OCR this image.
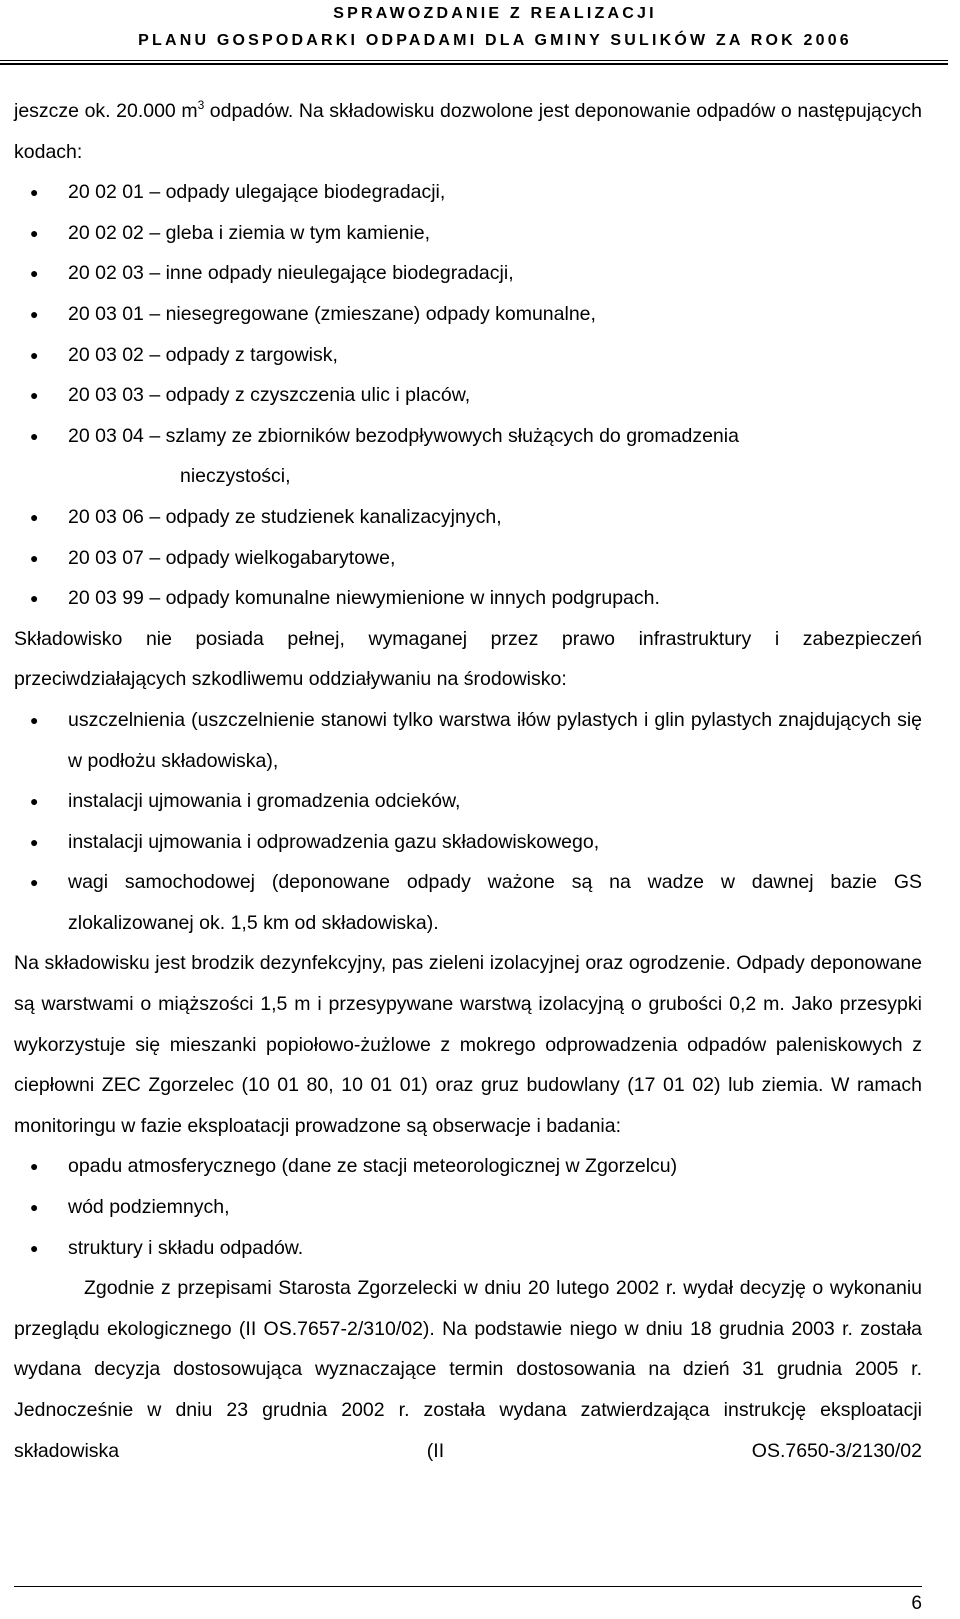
SPRAWOZDANIE Z REALIZACJI
PLANU GOSPODARKI ODPADAMI DLA GMINY SULIKÓW ZA ROK 2006
jeszcze ok. 20.000 $m^3$ odpadów. Na składowisku dozwolone jest deponowanie odpadów o następujących kodach:
● 20 02 01 – odpady ulegające biodegradacji,
● 20 02 02 – gleba i ziemia w tym kamienie,
● 20 02 03 – inne odpady nieulegające biodegradacji,
● 20 03 01 – niesegregowane (zmieszane) odpady komunalne,
● 20 03 02 – odpady z targowisk,
● 20 03 03 – odpady z czyszczenia ulic i placów,
● 20 03 04 – szlamy ze zbiorników bezodpływowych służących do gromadzenia
nieczystości,
● 20 03 06 – odpady ze studzienek kanalizacyjnych,
● 20 03 07 – odpady wielkogabarytowe,
● 20 03 99 – odpady komunalne niewymienione w innych podgrupach.
Składowisko nie posiada pełnej, wymaganej przez prawo infrastruktury i zabezpieczeń przeciwdziałających szkodliwemu oddziaływaniu na środowisko:
● uszczelnienia (uszczelnienie stanowi tylko warstwa iłów pylastych i glin pylastych znajdujących się w podłożu składowiska),
● instalacji ujmowania i gromadzenia odcieków,
● instalacji ujmowania i odprowadzenia gazu składowiskowego,
● wagi samochodowej (deponowane odpady ważone są na wadze w dawnej bazie GS zlokalizowanej ok. 1,5 km od składowiska).
Na składowisku jest brodzik dezynfekcyjny, pas zieleni izolacyjnej oraz ogrodzenie. Odpady deponowane są warstwami o miąższości 1,5 m i przesypywane warstwą izolacyjną o grubości 0,2 m. Jako przesypki wykorzystuje się mieszanki popiołowo-żużlowe z mokrego odprowadzenia odpadów paleniskowych z ciepłowni ZEC Zgorzelec (10 01 80, 10 01 01) oraz gruz budowlany (17 01 02) lub ziemia. W ramach monitoringu w fazie eksploatacji prowadzone są obserwacje i badania:
● opadu atmosferycznego (dane ze stacji meteorologicznej w Zgorzelcu)
● wód podziemnych,
● struktury i składu odpadów.
Zgodnie z przepisami Starosta Zgorzelecki w dniu 20 lutego 2002 r. wydał decyzję o wykonaniu przeglądu ekologicznego (II OS.7657-2/310/02). Na podstawie niego w dniu 18 grudnia 2003 r. została wydana decyzja dostosowująca wyznaczające termin dostosowania na dzień 31 grudnia 2005 r. Jednocześnie w dniu 23 grudnia 2002 r. została wydana zatwierdzająca instrukcję eksploatacji składowiska (II OS.7650-3/2130/02
6
